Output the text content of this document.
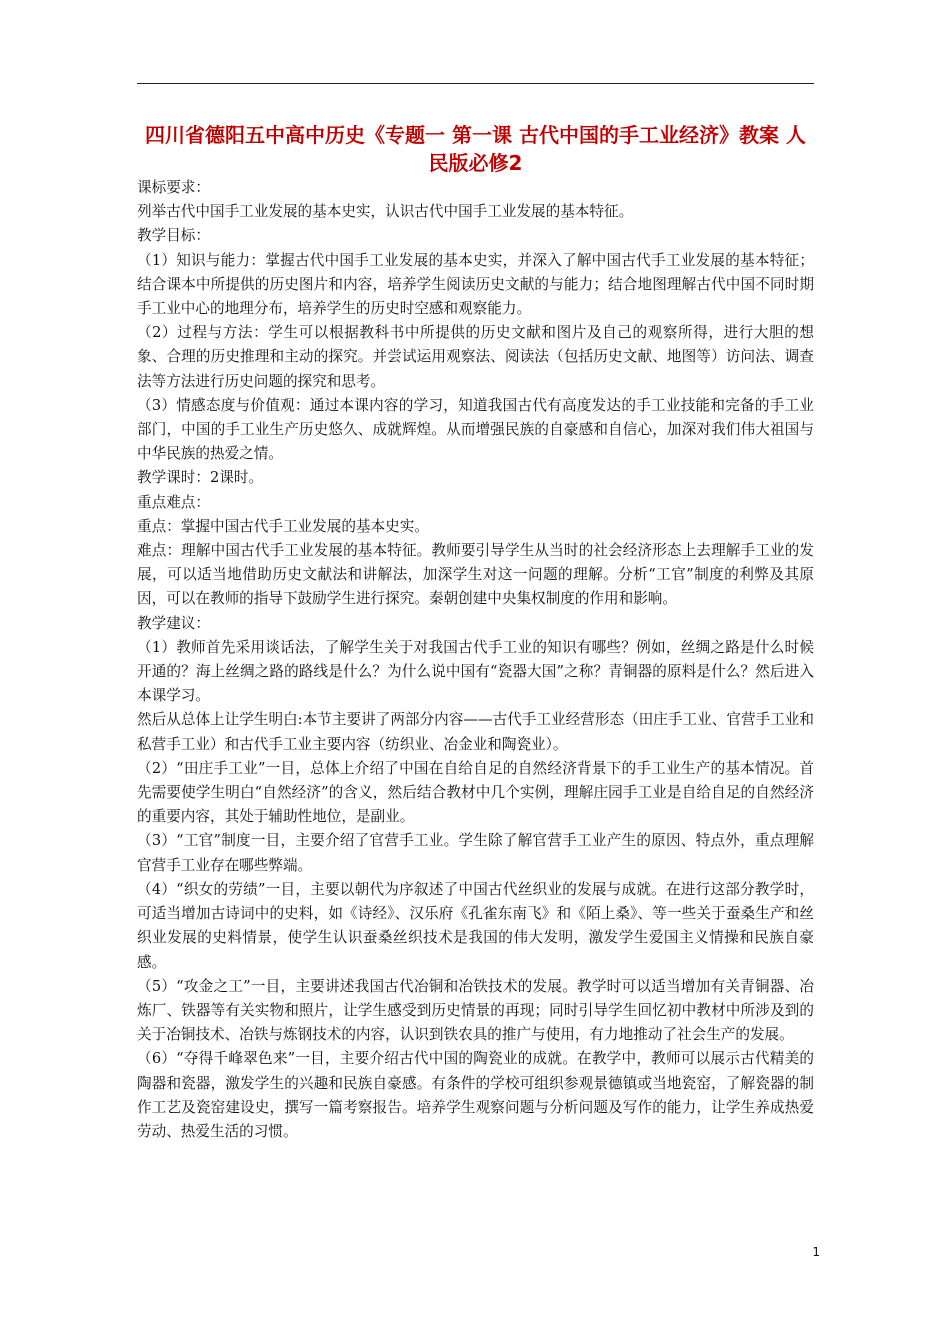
四川省德阳五中高中历史《专题一 第一课 古代中国的手工业经济》教案 人民版必修2

课标要求：

列举古代中国手工业发展的基本史实，认识古代中国手工业发展的基本特征。

教学目标：

（1）知识与能力：掌握古代中国手工业发展的基本史实，并深入了解中国古代手工业发展的基本特征；结合课本中所提供的历史图片和内容，培养学生阅读历史文献的与能力；结合地图理解古代中国不同时期手工业中心的地理分布，培养学生的历史时空感和观察能力。

（2）过程与方法：学生可以根据教科书中所提供的历史文献和图片及自己的观察所得，进行大胆的想象、合理的历史推理和主动的探究。并尝试运用观察法、阅读法（包括历史文献、地图等）访问法、调查法等方法进行历史问题的探究和思考。

（3）情感态度与价值观：通过本课内容的学习，知道我国古代有高度发达的手工业技能和完备的手工业部门，中国的手工业生产历史悠久、成就辉煌。从而增强民族的自豪感和自信心，加深对我们伟大祖国与中华民族的热爱之情。

教学课时：2课时。

重点难点：

重点：掌握中国古代手工业发展的基本史实。

难点：理解中国古代手工业发展的基本特征。教师要引导学生从当时的社会经济形态上去理解手工业的发展，可以适当地借助历史文献法和讲解法，加深学生对这一问题的理解。分析“工官”制度的利弊及其原因，可以在教师的指导下鼓励学生进行探究。秦朝创建中央集权制度的作用和影响。

教学建议：

（1）教师首先采用谈话法，了解学生关于对我国古代手工业的知识有哪些？例如，丝绸之路是什么时候开通的？海上丝绸之路的路线是什么？为什么说中国有“瓷器大国”之称？青铜器的原料是什么？然后进入本课学习。

然后从总体上让学生明白:本节主要讲了两部分内容——古代手工业经营形态（田庄手工业、官营手工业和私营手工业）和古代手工业主要内容（纺织业、冶金业和陶瓷业）。

（2）“田庄手工业”一目，总体上介绍了中国在自给自足的自然经济背景下的手工业生产的基本情况。首先需要使学生明白“自然经济”的含义，然后结合教材中几个实例，理解庄园手工业是自给自足的自然经济的重要内容，其处于辅助性地位，是副业。

（3）“工官”制度一目，主要介绍了官营手工业。学生除了解官营手工业产生的原因、特点外，重点理解官营手工业存在哪些弊端。

（4）“织女的劳绩”一目，主要以朝代为序叙述了中国古代丝织业的发展与成就。在进行这部分教学时，可适当增加古诗词中的史料，如《诗经》、汉乐府《孔雀东南飞》和《陌上桑》、等一些关于蚕桑生产和丝织业发展的史料情景，使学生认识蚕桑丝织技术是我国的伟大发明，激发学生爱国主义情操和民族自豪感。

（5）“攻金之工”一目，主要讲述我国古代冶铜和冶铁技术的发展。教学时可以适当增加有关青铜器、冶炼厂、铁器等有关实物和照片，让学生感受到历史情景的再现；同时引导学生回忆初中教材中所涉及到的关于冶铜技术、冶铁与炼钢技术的内容，认识到铁农具的推广与使用，有力地推动了社会生产的发展。

（6）“夺得千峰翠色来”一目，主要介绍古代中国的陶瓷业的成就。在教学中，教师可以展示古代精美的陶器和瓷器，激发学生的兴趣和民族自豪感。有条件的学校可组织参观景德镇或当地瓷窑，了解瓷器的制作工艺及瓷窑建设史，撰写一篇考察报告。培养学生观察问题与分析问题及写作的能力，让学生养成热爱劳动、热爱生活的习惯。

1
